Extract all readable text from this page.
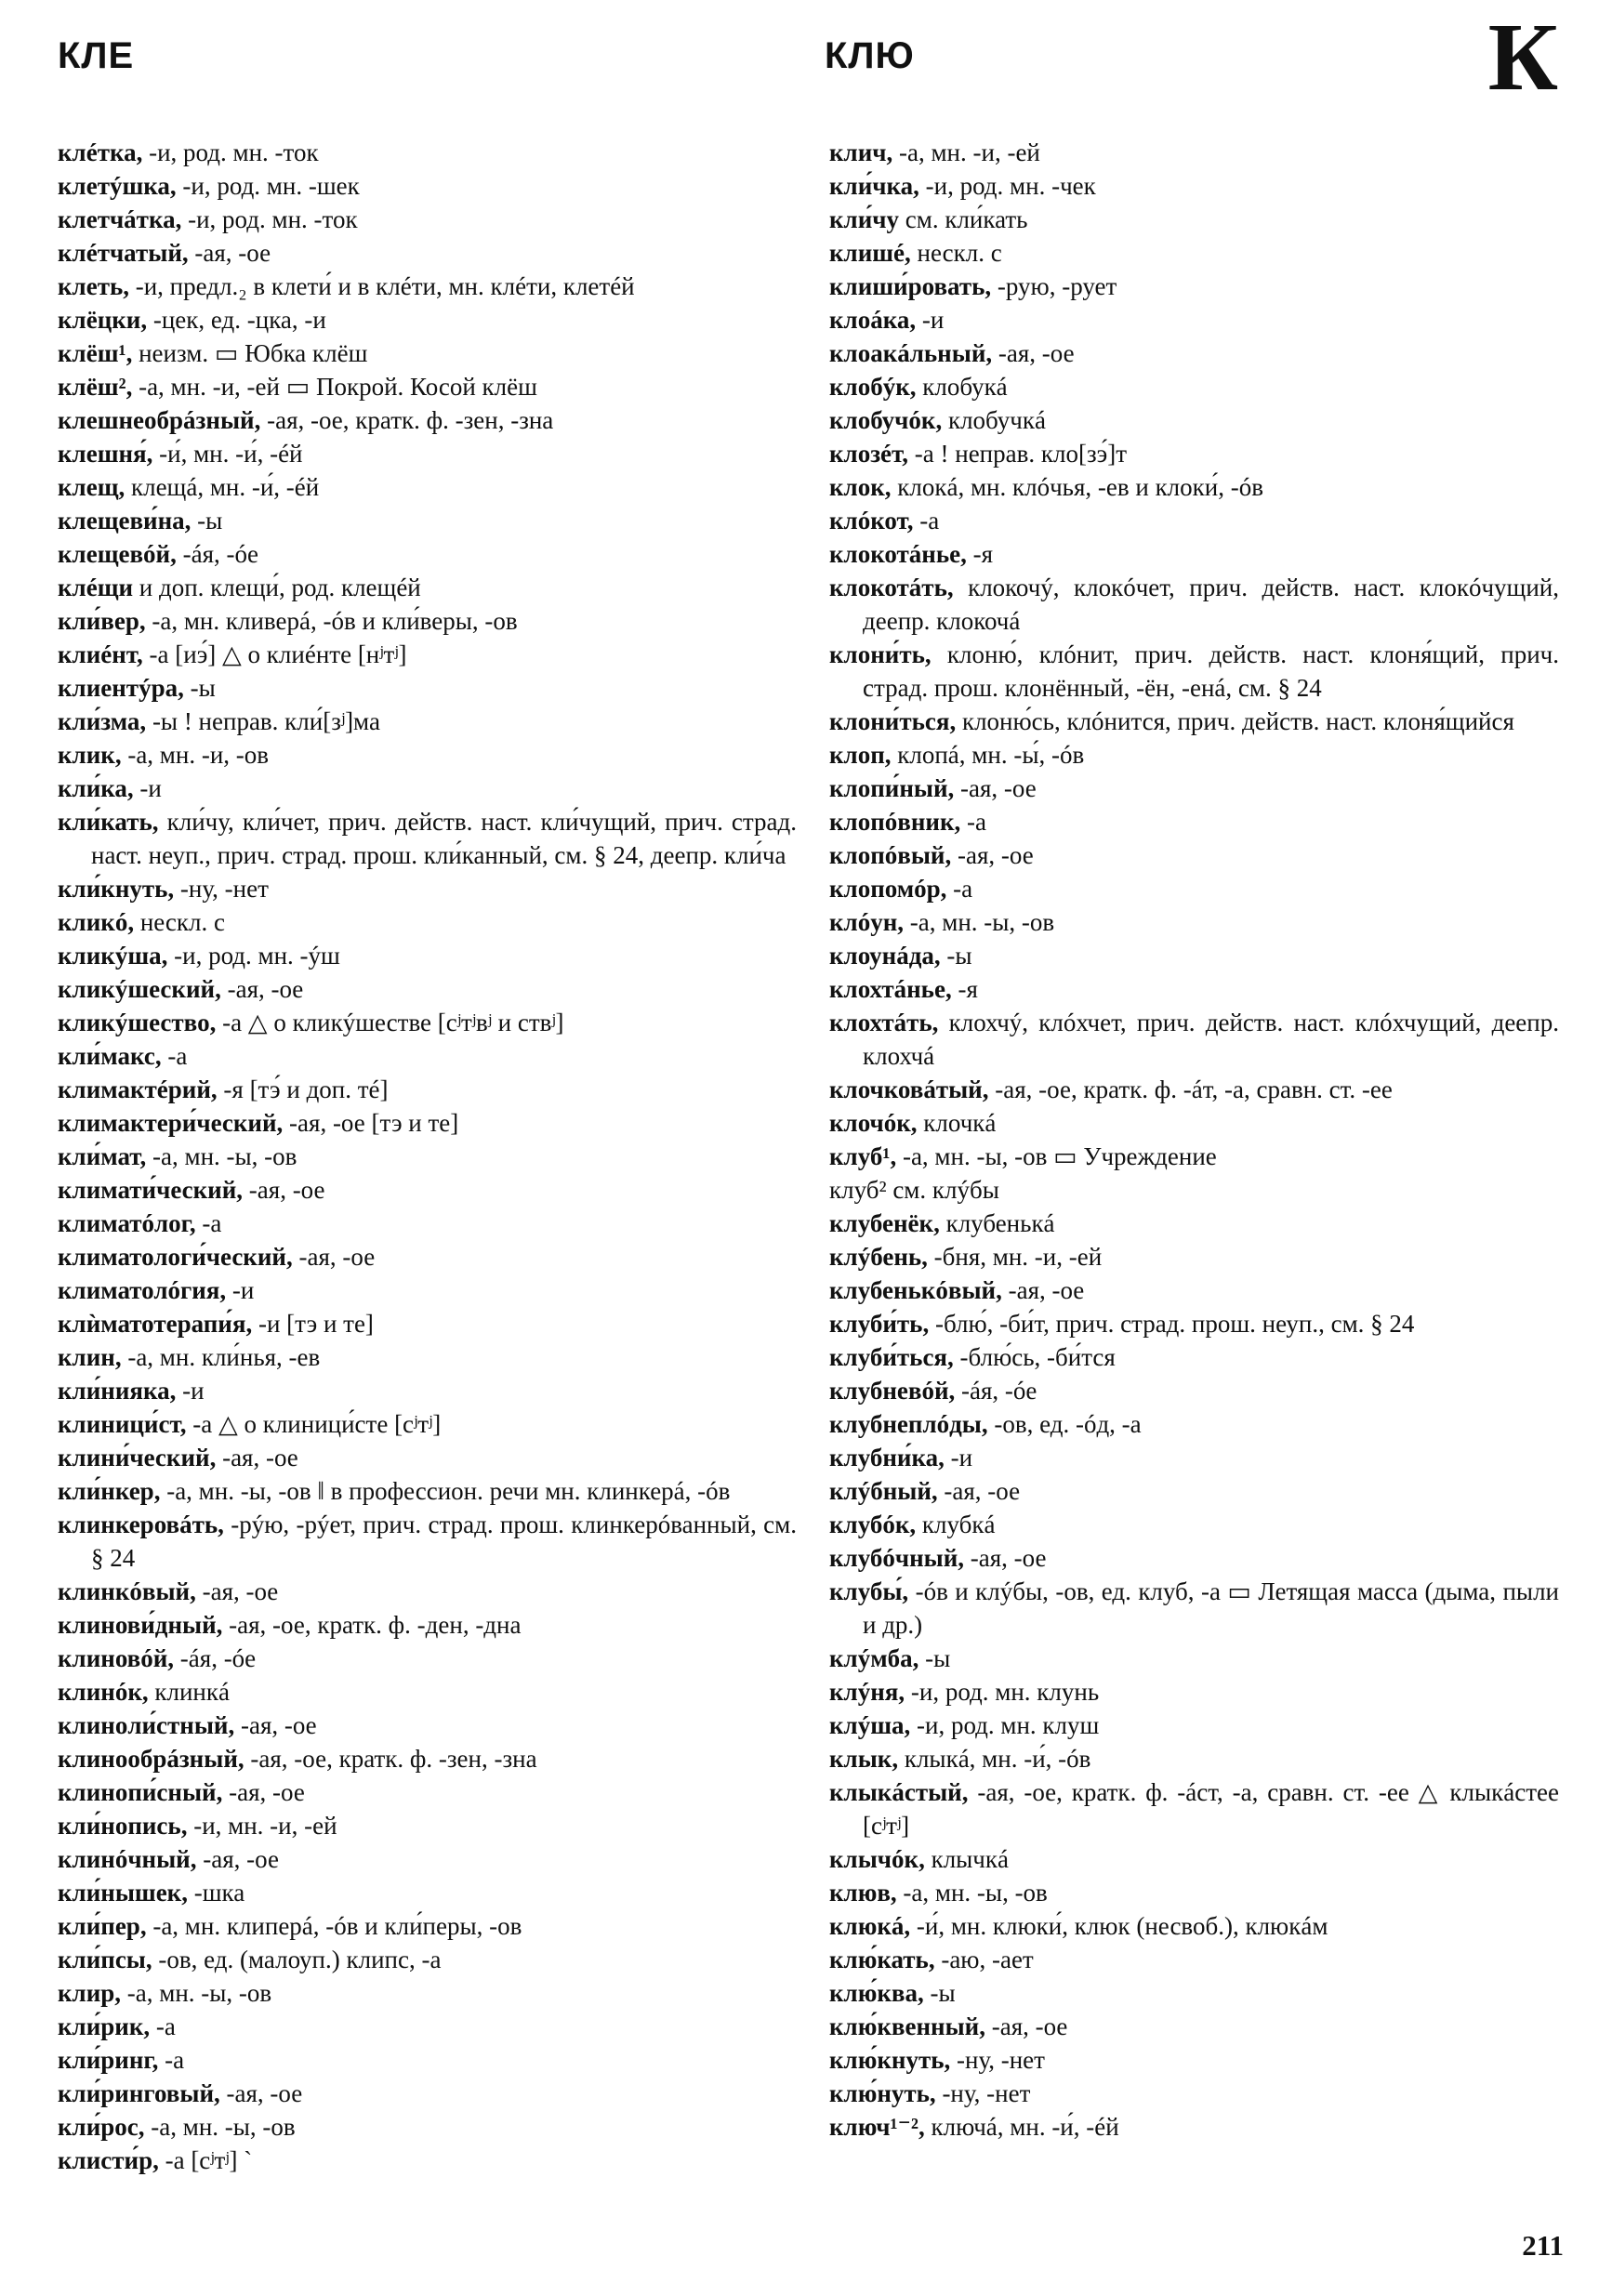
КЛЕ	КЛЮ	К
клéтка, -и, род. мн. -ток
клетýшка, -и, род. мн. -шек
клетчáтка, -и, род. мн. -ток
клéтчатый, -ая, -ое
клеть, -и, предл.₂ в клети́ и в клéти, мн. клéти, клетéй
клёцки, -цек, ед. -цка, -и
клёш¹, неизм. ▭ Юбка клёш
клёш², -а, мн. -и, -ей ▭ Покрой. Косой клёш
клешнеобрáзный, -ая, -ое, кратк. ф. -зен, -зна
клешня́, -и́, мн. -и́, -éй
клещ, клещá, мн. -и́, -éй
клещеви́на, -ы
клещевóй, -áя, -óе
клéщи и доп. клещи́, род. клещéй
кли́вер, -а, мн. кливерá, -óв и кли́веры, -ов
клиéнт, -а [иэ́] △ о клиéнте [нʲтʲ]
клиентýра, -ы
кли́зма, -ы ! неправ. кли́[зʲ]ма
клик, -а, мн. -и, -ов
кли́ка, -и
кли́кать, кли́чу, кли́чет, прич. действ. наст. кли́чущий, прич. страд. наст. неуп., прич. страд. прош. кли́канный, см. § 24, деепр. кли́ча
кли́кнуть, -ну, -нет
кликó, нескл. с
кликýша, -и, род. мн. -ýш
кликýшеский, -ая, -ое
кликýшество, -а △ о кликýшестве [сʲтʲвʲ и ствʲ]
кли́макс, -а
климактéрий, -я [тэ́ и доп. тé]
климактери́ческий, -ая, -ое [тэ и те]
кли́мат, -а, мн. -ы, -ов
климати́ческий, -ая, -ое
климатóлог, -а
климатологи́ческий, -ая, -ое
климатолóгия, -и
клѝматотерапи́я, -и [тэ и те]
клин, -а, мн. кли́нья, -ев
кли́нияка, -и
клиници́ст, -а △ о клиници́сте [сʲтʲ]
клини́ческий, -ая, -ое
кли́нкер, -а, мн. -ы, -ов ‖ в профессион. речи мн. клинкерá, -óв
клинкеровáть, -рýю, -рýет, прич. страд. прош. клинкерóванный, см. § 24
клинкóвый, -ая, -ое
клинови́дный, -ая, -ое, кратк. ф. -ден, -дна
клиновóй, -áя, -óе
клинóк, клинкá
клинoли́стный, -ая, -ое
клинообрáзный, -ая, -ое, кратк. ф. -зен, -зна
клинопи́сный, -ая, -ое
кли́нопись, -и, мн. -и, -ей
клинóчный, -ая, -ое
кли́нышек, -шка
кли́пер, -а, мн. клиперá, -óв и кли́перы, -ов
кли́псы, -ов, ед. (малоуп.) клипс, -а
клир, -а, мн. -ы, -ов
кли́рик, -а
кли́ринг, -а
кли́ринговый, -ая, -ое
кли́рос, -а, мн. -ы, -ов
клисти́р, -а [сʲтʲ] `
клич, -а, мн. -и, -ей
кли́чка, -и, род. мн. -чек
кли́чу см. кли́кать
клишé, нескл. с
клиши́ровать, -рую, -рует
клоáка, -и
клоакáльный, -ая, -ое
клобýк, клобукá
клобучóк, клобучкá
клозéт, -а ! неправ. кло[зэ́]т
клок, клокá, мн. клóчья, -ев и клоки́, -óв
клóкот, -а
клокотáнье, -я
клокотáть, клокочý, клокóчет, прич. действ. наст. клокóчущий, деепр. клокочá
клони́ть, клоню́, клóнит, прич. действ. наст. клоня́щий, прич. страд. прош. клонённый, -ён, -енá, см. § 24
клони́ться, клоню́сь, клóнится, прич. действ. наст. клоня́щийся
клоп, клопá, мн. -ы́, -óв
клопи́ный, -ая, -ое
клопóвник, -а
клопóвый, -ая, -ое
клопомóр, -а
клóун, -а, мн. -ы, -ов
клоунáда, -ы
клохтáнье, -я
клохтáть, клохчý, клóхчет, прич. действ. наст. клóхчущий, деепр. клохчá
клочковáтый, -ая, -ое, кратк. ф. -áт, -а, сравн. ст. -ее
клочóк, клочкá
клуб¹, -а, мн. -ы, -ов ▭ Учреждение
клуб² см. клýбы
клубенёк, клубенькá
клýбень, -бня, мн. -и, -ей
клубенькóвый, -ая, -ое
клуби́ть, -блю́, -би́т, прич. страд. прош. неуп., см. § 24
клуби́ться, -блю́сь, -би́тся
клубневóй, -áя, -óе
клубнеплóды, -ов, ед. -óд, -а
клубни́ка, -и
клýбный, -ая, -ое
клубóк, клубкá
клубóчный, -ая, -ое
клубы́, -óв и клýбы, -ов, ед. клуб, -а ▭ Летящая масса (дыма, пыли и др.)
клýмба, -ы
клýня, -и, род. мн. клунь
клýша, -и, род. мн. клуш
клык, клыкá, мн. -и́, -óв
клыкáстый, -ая, -ое, кратк. ф. -áст, -а, сравн. ст. -ее △ клыкáстее [сʲтʲ]
клычóк, клычкá
клюв, -а, мн. -ы, -ов
клюкá, -и́, мн. клюки́, клюк (несвоб.), клюкáм
клю́кать, -аю, -ает
клю́ква, -ы
клю́квенный, -ая, -ое
клю́кнуть, -ну, -нет
клю́нуть, -ну, -нет
ключ¹⁻², ключá, мн. -и́, -éй
211
